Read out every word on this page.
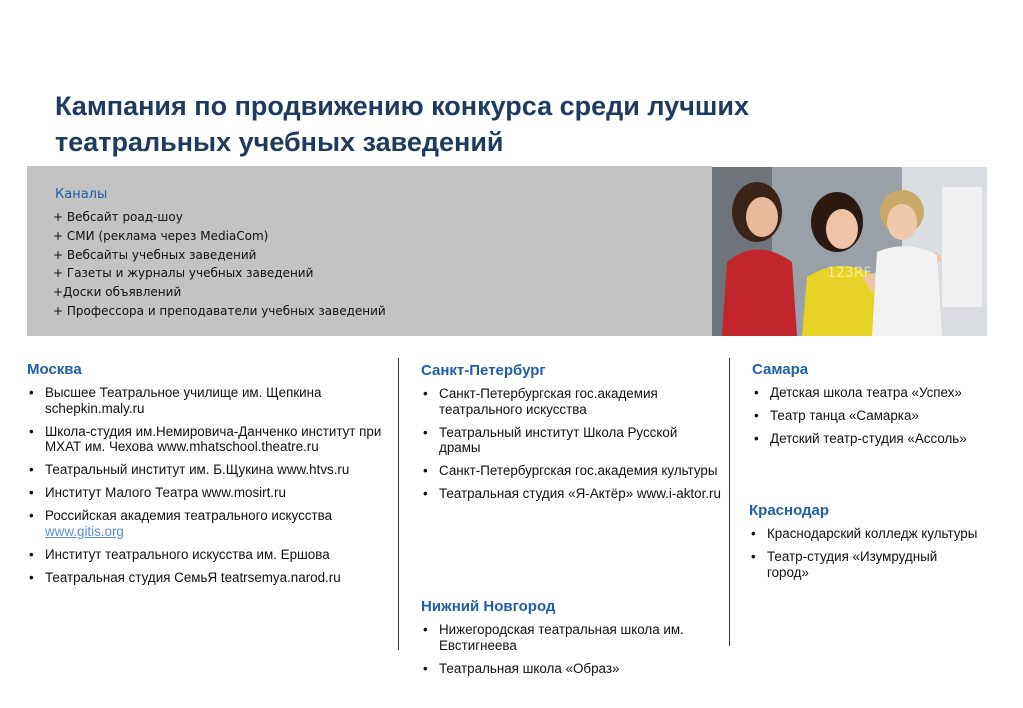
Кампания по продвижению конкурса среди лучших театральных учебных заведений
Каналы
+ Вебсайт роад-шоу
+ СМИ (реклама через MediaCom)
+ Вебсайты учебных заведений
+ Газеты и журналы учебных заведений
+Доски объявлений
+ Профессора и преподаватели учебных заведений
123RF
Москва
• Высшее Театральное училище им. Щепкина schepkin.maly.ru
• Школа-студия им.Немировича-Данченко институт при МХАТ им. Чехова www.mhatschool.theatre.ru
• Театральный институт им. Б.Щукина www.htvs.ru
• Институт Малого Театра www.mosirt.ru
• Российская академия театрального искусства
www.gitis.org
• Институт театрального искусства им. Ершова
• Театральная студия СемьЯ teatrsemya.narod.ru
Санкт-Петербург
• Санкт-Петербургская гос.академия театрального искусства
• Театральный институт Школа Русской драмы
• Санкт-Петербургская гос.академия культуры
• Театральная студия «Я-Актёр» www.i-aktor.ru
Нижний Новгород
• Нижегородская театральная школа им. Евстигнеева
• Театральная школа «Образ»
Самара
• Детская школа театра «Успех»
• Театр танца «Самарка»
• Детский театр-студия «Ассоль»
Краснодар
• Краснодарский колледж культуры
• Театр-студия «Изумрудный город»
